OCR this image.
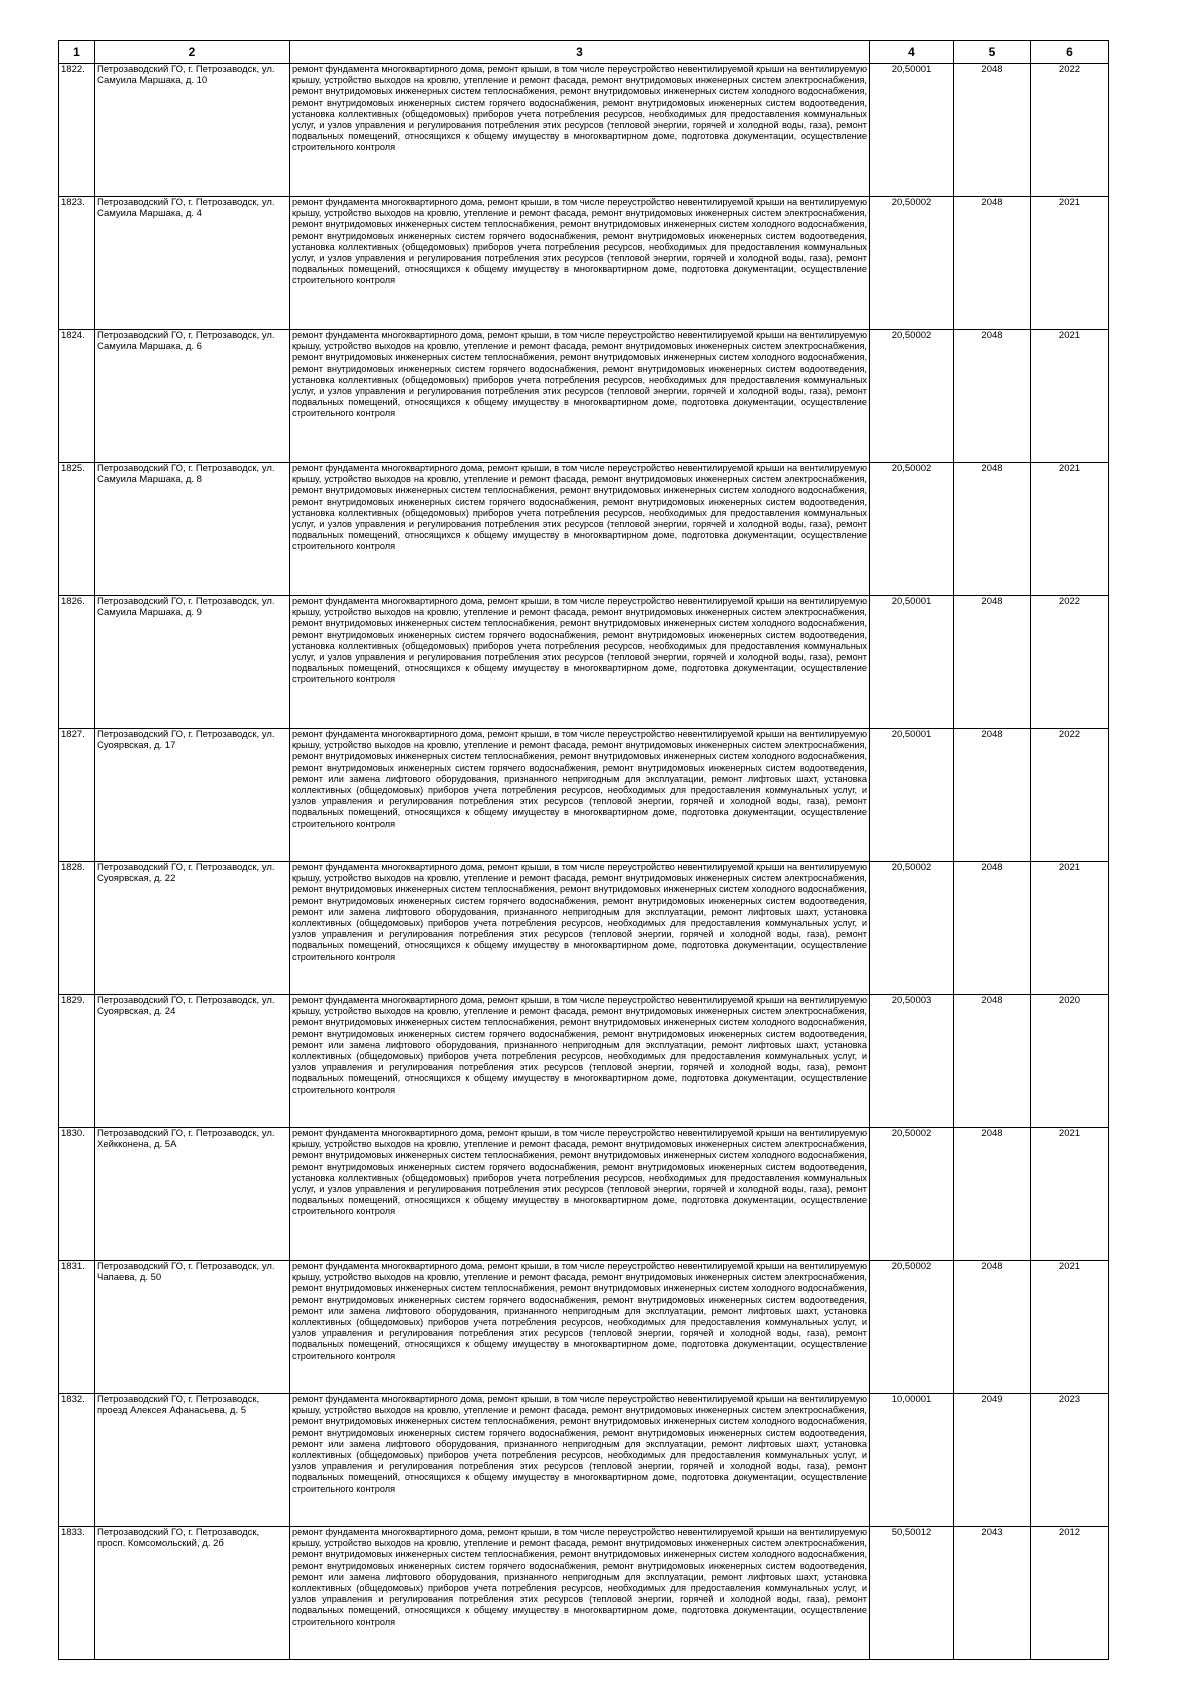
1	2	3	4	5	6
1822.	Петрозаводский ГО, г. Петрозаводск, ул. Самуила Маршака, д. 10	ремонт фундамента многоквартирного дома, ремонт крыши, в том числе переустройство невентилируемой крыши на вентилируемую крышу, устройство выходов на кровлю, утепление и ремонт фасада, ремонт внутридомовых инженерных систем электроснабжения, ремонт внутридомовых инженерных систем теплоснабжения, ремонт внутридомовых инженерных систем холодного водоснабжения, ремонт внутридомовых инженерных систем горячего водоснабжения, ремонт внутридомовых инженерных систем водоотведения, установка коллективных (общедомовых) приборов учета потребления ресурсов, необходимых для предоставления коммунальных услуг, и узлов управления и регулирования потребления этих ресурсов (тепловой энергии, горячей и холодной воды, газа), ремонт подвальных помещений, относящихся к общему имуществу в многоквартирном доме, подготовка документации, осуществление строительного контроля	20,50001	2048	2022
1823.	Петрозаводский ГО, г. Петрозаводск, ул. Самуила Маршака, д. 4	ремонт фундамента многоквартирного дома, ремонт крыши, в том числе переустройство невентилируемой крыши на вентилируемую крышу, устройство выходов на кровлю, утепление и ремонт фасада, ремонт внутридомовых инженерных систем электроснабжения, ремонт внутридомовых инженерных систем теплоснабжения, ремонт внутридомовых инженерных систем холодного водоснабжения, ремонт внутридомовых инженерных систем горячего водоснабжения, ремонт внутридомовых инженерных систем водоотведения, установка коллективных (общедомовых) приборов учета потребления ресурсов, необходимых для предоставления коммунальных услуг, и узлов управления и регулирования потребления этих ресурсов (тепловой энергии, горячей и холодной воды, газа), ремонт подвальных помещений, относящихся к общему имуществу в многоквартирном доме, подготовка документации, осуществление строительного контроля	20,50002	2048	2021
1824.	Петрозаводский ГО, г. Петрозаводск, ул. Самуила Маршака, д. 6	ремонт фундамента многоквартирного дома, ремонт крыши, в том числе переустройство невентилируемой крыши на вентилируемую крышу, устройство выходов на кровлю, утепление и ремонт фасада, ремонт внутридомовых инженерных систем электроснабжения, ремонт внутридомовых инженерных систем теплоснабжения, ремонт внутридомовых инженерных систем холодного водоснабжения, ремонт внутридомовых инженерных систем горячего водоснабжения, ремонт внутридомовых инженерных систем водоотведения, установка коллективных (общедомовых) приборов учета потребления ресурсов, необходимых для предоставления коммунальных услуг, и узлов управления и регулирования потребления этих ресурсов (тепловой энергии, горячей и холодной воды, газа), ремонт подвальных помещений, относящихся к общему имуществу в многоквартирном доме, подготовка документации, осуществление строительного контроля	20,50002	2048	2021
1825.	Петрозаводский ГО, г. Петрозаводск, ул. Самуила Маршака, д. 8	ремонт фундамента многоквартирного дома, ремонт крыши, в том числе переустройство невентилируемой крыши на вентилируемую крышу, устройство выходов на кровлю, утепление и ремонт фасада, ремонт внутридомовых инженерных систем электроснабжения, ремонт внутридомовых инженерных систем теплоснабжения, ремонт внутридомовых инженерных систем холодного водоснабжения, ремонт внутридомовых инженерных систем горячего водоснабжения, ремонт внутридомовых инженерных систем водоотведения, установка коллективных (общедомовых) приборов учета потребления ресурсов, необходимых для предоставления коммунальных услуг, и узлов управления и регулирования потребления этих ресурсов (тепловой энергии, горячей и холодной воды, газа), ремонт подвальных помещений, относящихся к общему имуществу в многоквартирном доме, подготовка документации, осуществление строительного контроля	20,50002	2048	2021
1826.	Петрозаводский ГО, г. Петрозаводск, ул. Самуила Маршака, д. 9	ремонт фундамента многоквартирного дома, ремонт крыши, в том числе переустройство невентилируемой крыши на вентилируемую крышу, устройство выходов на кровлю, утепление и ремонт фасада, ремонт внутридомовых инженерных систем электроснабжения, ремонт внутридомовых инженерных систем теплоснабжения, ремонт внутридомовых инженерных систем холодного водоснабжения, ремонт внутридомовых инженерных систем горячего водоснабжения, ремонт внутридомовых инженерных систем водоотведения, установка коллективных (общедомовых) приборов учета потребления ресурсов, необходимых для предоставления коммунальных услуг, и узлов управления и регулирования потребления этих ресурсов (тепловой энергии, горячей и холодной воды, газа), ремонт подвальных помещений, относящихся к общему имуществу в многоквартирном доме, подготовка документации, осуществление строительного контроля	20,50001	2048	2022
1827.	Петрозаводский ГО, г. Петрозаводск, ул. Суоярвская, д. 17	ремонт фундамента многоквартирного дома, ремонт крыши, в том числе переустройство невентилируемой крыши на вентилируемую крышу, устройство выходов на кровлю, утепление и ремонт фасада, ремонт внутридомовых инженерных систем электроснабжения, ремонт внутридомовых инженерных систем теплоснабжения, ремонт внутридомовых инженерных систем холодного водоснабжения, ремонт внутридомовых инженерных систем горячего водоснабжения, ремонт внутридомовых инженерных систем водоотведения, ремонт или замена лифтового оборудования, признанного непригодным для эксплуатации, ремонт лифтовых шахт, установка коллективных (общедомовых) приборов учета потребления ресурсов, необходимых для предоставления коммунальных услуг, и узлов управления и регулирования потребления этих ресурсов (тепловой энергии, горячей и холодной воды, газа), ремонт подвальных помещений, относящихся к общему имуществу в многоквартирном доме, подготовка документации, осуществление строительного контроля	20,50001	2048	2022
1828.	Петрозаводский ГО, г. Петрозаводск, ул. Суоярвская, д. 22	ремонт фундамента многоквартирного дома, ремонт крыши, в том числе переустройство невентилируемой крыши на вентилируемую крышу, устройство выходов на кровлю, утепление и ремонт фасада, ремонт внутридомовых инженерных систем электроснабжения, ремонт внутридомовых инженерных систем теплоснабжения, ремонт внутридомовых инженерных систем холодного водоснабжения, ремонт внутридомовых инженерных систем горячего водоснабжения, ремонт внутридомовых инженерных систем водоотведения, ремонт или замена лифтового оборудования, признанного непригодным для эксплуатации, ремонт лифтовых шахт, установка коллективных (общедомовых) приборов учета потребления ресурсов, необходимых для предоставления коммунальных услуг, и узлов управления и регулирования потребления этих ресурсов (тепловой энергии, горячей и холодной воды, газа), ремонт подвальных помещений, относящихся к общему имуществу в многоквартирном доме, подготовка документации, осуществление строительного контроля	20,50002	2048	2021
1829.	Петрозаводский ГО, г. Петрозаводск, ул. Суоярвская, д. 24	ремонт фундамента многоквартирного дома, ремонт крыши, в том числе переустройство невентилируемой крыши на вентилируемую крышу, устройство выходов на кровлю, утепление и ремонт фасада, ремонт внутридомовых инженерных систем электроснабжения, ремонт внутридомовых инженерных систем теплоснабжения, ремонт внутридомовых инженерных систем холодного водоснабжения, ремонт внутридомовых инженерных систем горячего водоснабжения, ремонт внутридомовых инженерных систем водоотведения, ремонт или замена лифтового оборудования, признанного непригодным для эксплуатации, ремонт лифтовых шахт, установка коллективных (общедомовых) приборов учета потребления ресурсов, необходимых для предоставления коммунальных услуг, и узлов управления и регулирования потребления этих ресурсов (тепловой энергии, горячей и холодной воды, газа), ремонт подвальных помещений, относящихся к общему имуществу в многоквартирном доме, подготовка документации, осуществление строительного контроля	20,50003	2048	2020
1830.	Петрозаводский ГО, г. Петрозаводск, ул. Хейкконена, д. 5А	ремонт фундамента многоквартирного дома, ремонт крыши, в том числе переустройство невентилируемой крыши на вентилируемую крышу, устройство выходов на кровлю, утепление и ремонт фасада, ремонт внутридомовых инженерных систем электроснабжения, ремонт внутридомовых инженерных систем теплоснабжения, ремонт внутридомовых инженерных систем холодного водоснабжения, ремонт внутридомовых инженерных систем горячего водоснабжения, ремонт внутридомовых инженерных систем водоотведения, установка коллективных (общедомовых) приборов учета потребления ресурсов, необходимых для предоставления коммунальных услуг, и узлов управления и регулирования потребления этих ресурсов (тепловой энергии, горячей и холодной воды, газа), ремонт подвальных помещений, относящихся к общему имуществу в многоквартирном доме, подготовка документации, осуществление строительного контроля	20,50002	2048	2021
1831.	Петрозаводский ГО, г. Петрозаводск, ул. Чапаева, д. 50	ремонт фундамента многоквартирного дома, ремонт крыши, в том числе переустройство невентилируемой крыши на вентилируемую крышу, устройство выходов на кровлю, утепление и ремонт фасада, ремонт внутридомовых инженерных систем электроснабжения, ремонт внутридомовых инженерных систем теплоснабжения, ремонт внутридомовых инженерных систем холодного водоснабжения, ремонт внутридомовых инженерных систем горячего водоснабжения, ремонт внутридомовых инженерных систем водоотведения, ремонт или замена лифтового оборудования, признанного непригодным для эксплуатации, ремонт лифтовых шахт, установка коллективных (общедомовых) приборов учета потребления ресурсов, необходимых для предоставления коммунальных услуг, и узлов управления и регулирования потребления этих ресурсов (тепловой энергии, горячей и холодной воды, газа), ремонт подвальных помещений, относящихся к общему имуществу в многоквартирном доме, подготовка документации, осуществление строительного контроля	20,50002	2048	2021
1832.	Петрозаводский ГО, г. Петрозаводск, проезд Алексея Афанасьева, д. 5	ремонт фундамента многоквартирного дома, ремонт крыши, в том числе переустройство невентилируемой крыши на вентилируемую крышу, устройство выходов на кровлю, утепление и ремонт фасада, ремонт внутридомовых инженерных систем электроснабжения, ремонт внутридомовых инженерных систем теплоснабжения, ремонт внутридомовых инженерных систем холодного водоснабжения, ремонт внутридомовых инженерных систем горячего водоснабжения, ремонт внутридомовых инженерных систем водоотведения, ремонт или замена лифтового оборудования, признанного непригодным для эксплуатации, ремонт лифтовых шахт, установка коллективных (общедомовых) приборов учета потребления ресурсов, необходимых для предоставления коммунальных услуг, и узлов управления и регулирования потребления этих ресурсов (тепловой энергии, горячей и холодной воды, газа), ремонт подвальных помещений, относящихся к общему имуществу в многоквартирном доме, подготовка документации, осуществление строительного контроля	10,00001	2049	2023
1833.	Петрозаводский ГО, г. Петрозаводск, просп. Комсомольский, д. 2б	ремонт фундамента многоквартирного дома, ремонт крыши, в том числе переустройство невентилируемой крыши на вентилируемую крышу, устройство выходов на кровлю, утепление и ремонт фасада, ремонт внутридомовых инженерных систем электроснабжения, ремонт внутридомовых инженерных систем теплоснабжения, ремонт внутридомовых инженерных систем холодного водоснабжения, ремонт внутридомовых инженерных систем горячего водоснабжения, ремонт внутридомовых инженерных систем водоотведения, ремонт или замена лифтового оборудования, признанного непригодным для эксплуатации, ремонт лифтовых шахт, установка коллективных (общедомовых) приборов учета потребления ресурсов, необходимых для предоставления коммунальных услуг, и узлов управления и регулирования потребления этих ресурсов (тепловой энергии, горячей и холодной воды, газа), ремонт подвальных помещений, относящихся к общему имуществу в многоквартирном доме, подготовка документации, осуществление строительного контроля	50,50012	2043	2012
